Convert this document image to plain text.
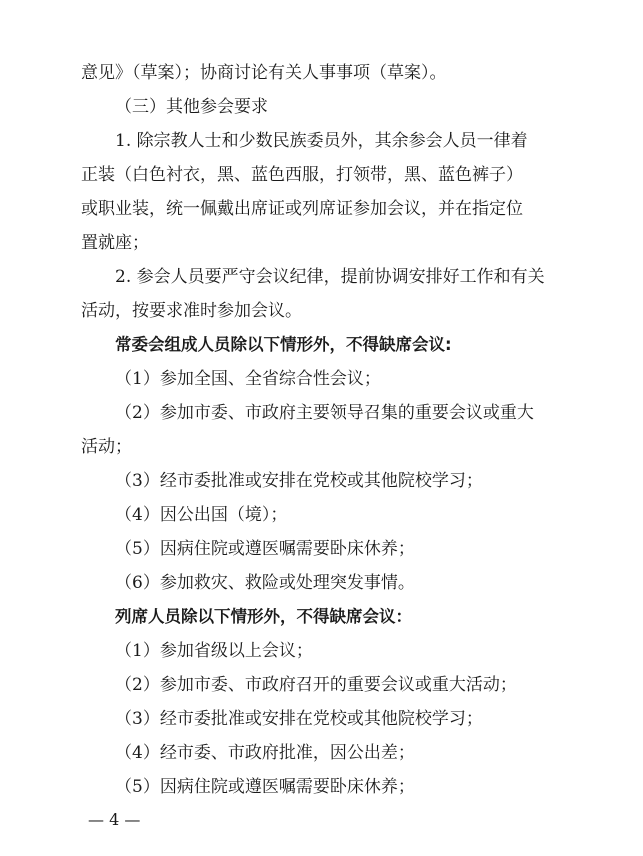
意见》（草案）；协商讨论有关人事事项（草案）。
（三）其他参会要求
1. 除宗教人士和少数民族委员外，其余参会人员一律着
正装（白色衬衣，黑、蓝色西服，打领带，黑、蓝色裤子）
或职业装，统一佩戴出席证或列席证参加会议，并在指定位
置就座；
2. 参会人员要严守会议纪律，提前协调安排好工作和有关
活动，按要求准时参加会议。
常委会组成人员除以下情形外，不得缺席会议:
（1）参加全国、全省综合性会议；
（2）参加市委、市政府主要领导召集的重要会议或重大
活动；
（3）经市委批准或安排在党校或其他院校学习；
（4）因公出国（境）；
（5）因病住院或遵医嘱需要卧床休养；
（6）参加救灾、救险或处理突发事情。
列席人员除以下情形外，不得缺席会议：
（1）参加省级以上会议；
（2）参加市委、市政府召开的重要会议或重大活动；
（3）经市委批准或安排在党校或其他院校学习；
（4）经市委、市政府批准，因公出差；
（5）因病住院或遵医嘱需要卧床休养；
— 4 —
